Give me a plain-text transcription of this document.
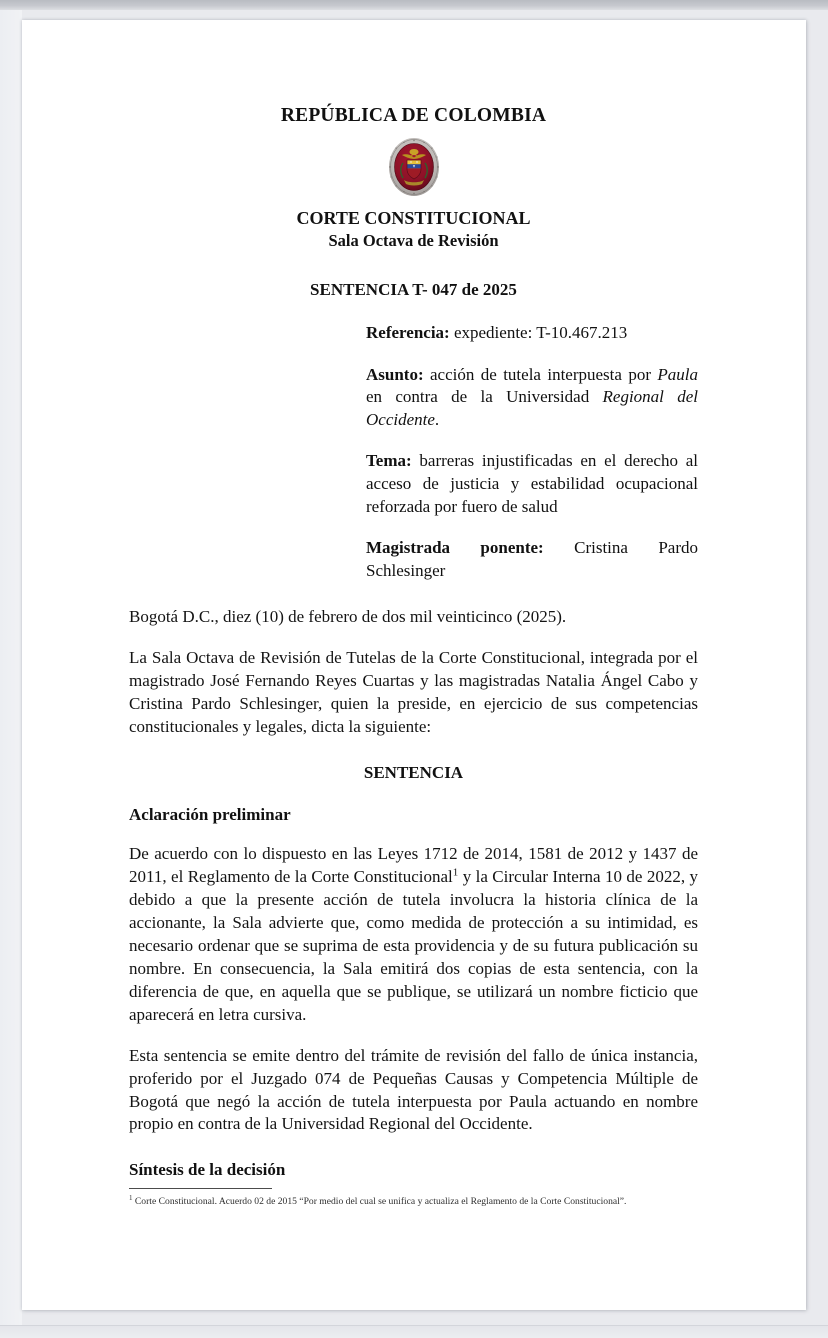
REPÚBLICA DE COLOMBIA
CORTE CONSTITUCIONAL
Sala Octava de Revisión
SENTENCIA T- 047 de 2025

Referencia: expediente: T-10.467.213

Asunto: acción de tutela interpuesta por Paula en contra de la Universidad Regional del Occidente.

Tema: barreras injustificadas en el derecho al acceso de justicia y estabilidad ocupacional reforzada por fuero de salud

Magistrada ponente: Cristina Pardo Schlesinger

Bogotá D.C., diez (10) de febrero de dos mil veinticinco (2025).

La Sala Octava de Revisión de Tutelas de la Corte Constitucional, integrada por el magistrado José Fernando Reyes Cuartas y las magistradas Natalia Ángel Cabo y Cristina Pardo Schlesinger, quien la preside, en ejercicio de sus competencias constitucionales y legales, dicta la siguiente:

SENTENCIA

Aclaración preliminar

De acuerdo con lo dispuesto en las Leyes 1712 de 2014, 1581 de 2012 y 1437 de 2011, el Reglamento de la Corte Constitucional$^1$ y la Circular Interna 10 de 2022, y debido a que la presente acción de tutela involucra la historia clínica de la accionante, la Sala advierte que, como medida de protección a su intimidad, es necesario ordenar que se suprima de esta providencia y de su futura publicación su nombre. En consecuencia, la Sala emitirá dos copias de esta sentencia, con la diferencia de que, en aquella que se publique, se utilizará un nombre ficticio que aparecerá en letra cursiva.

Esta sentencia se emite dentro del trámite de revisión del fallo de única instancia, proferido por el Juzgado 074 de Pequeñas Causas y Competencia Múltiple de Bogotá que negó la acción de tutela interpuesta por Paula actuando en nombre propio en contra de la Universidad Regional del Occidente.

Síntesis de la decisión

$^1$ Corte Constitucional. Acuerdo 02 de 2015 “Por medio del cual se unifica y actualiza el Reglamento de la Corte Constitucional”.
